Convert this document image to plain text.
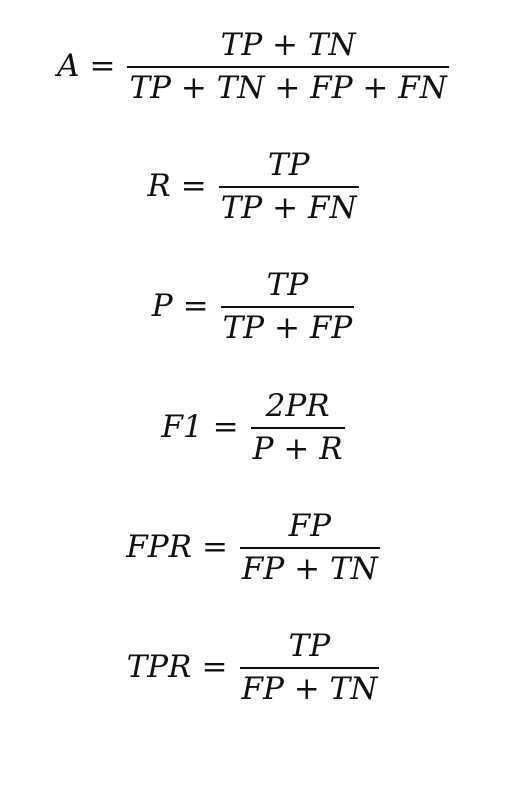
$A = \frac{TP + TN}{TP + TN + FP + FN}$
$R = \frac{TP}{TP + FN}$
$P = \frac{TP}{TP + FP}$
$F1 = \frac{2PR}{P + R}$
FPR = $\frac{FP}{FP + TN}$
TPR = $\frac{TP}{FP + TN}$
